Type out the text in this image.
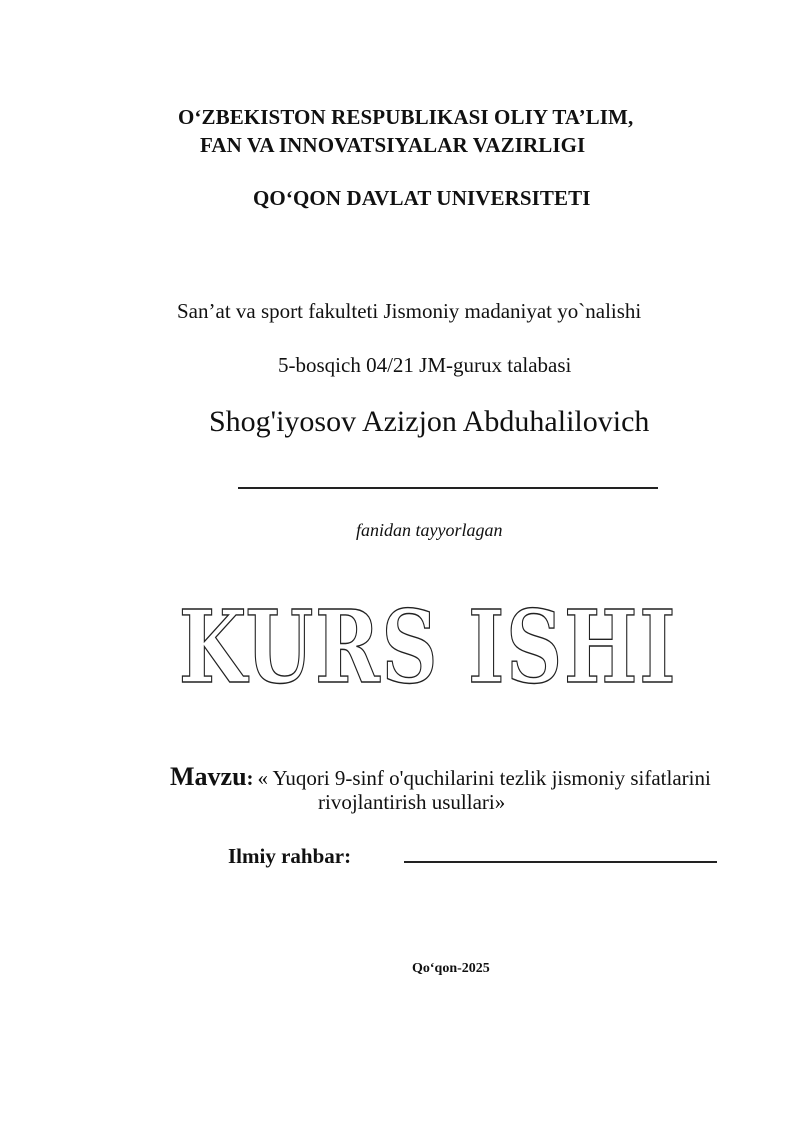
O‘ZBEKISTON RESPUBLIKASI OLIY TA’LIM,
FAN VA INNOVATSIYALAR VAZIRLIGI
QO‘QON DAVLAT UNIVERSITETI
San’at va sport fakulteti Jismoniy madaniyat yo`nalishi
5-bosqich 04/21 JM-gurux talabasi
Shog'iyosov Azizjon Abduhalilovich
fanidan tayyorlagan
KURS ISHI
Mavzu: « Yuqori 9-sinf o'quchilarini tezlik jismoniy sifatlarini
rivojlantirish usullari»
Ilmiy rahbar:
Qo‘qon-2025
